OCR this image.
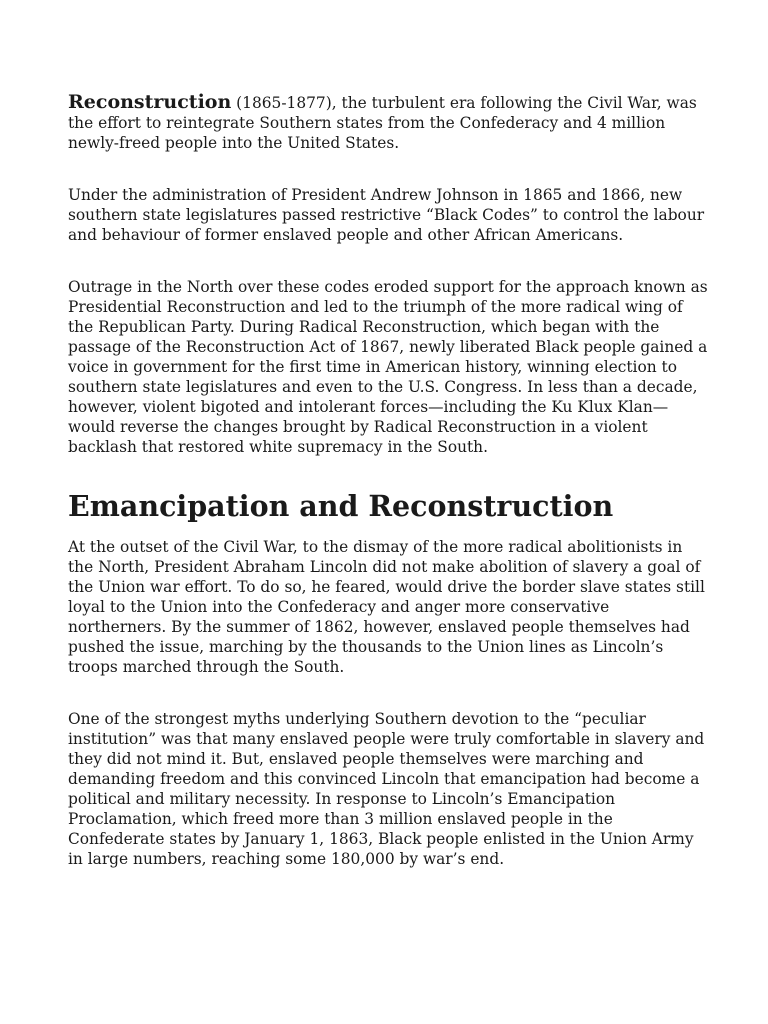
Reconstruction (1865-1877), the turbulent era following the Civil War, was the effort to reintegrate Southern states from the Confederacy and 4 million newly-freed people into the United States.

Under the administration of President Andrew Johnson in 1865 and 1866, new southern state legislatures passed restrictive “Black Codes” to control the labour and behaviour of former enslaved people and other African Americans.

Outrage in the North over these codes eroded support for the approach known as Presidential Reconstruction and led to the triumph of the more radical wing of the Republican Party. During Radical Reconstruction, which began with the passage of the Reconstruction Act of 1867, newly liberated Black people gained a voice in government for the first time in American history, winning election to southern state legislatures and even to the U.S. Congress. In less than a decade, however, violent bigoted and intolerant forces—including the Ku Klux Klan—would reverse the changes brought by Radical Reconstruction in a violent backlash that restored white supremacy in the South.

Emancipation and Reconstruction

At the outset of the Civil War, to the dismay of the more radical abolitionists in the North, President Abraham Lincoln did not make abolition of slavery a goal of the Union war effort. To do so, he feared, would drive the border slave states still loyal to the Union into the Confederacy and anger more conservative northerners. By the summer of 1862, however, enslaved people themselves had pushed the issue, marching by the thousands to the Union lines as Lincoln’s troops marched through the South.

One of the strongest myths underlying Southern devotion to the “peculiar institution” was that many enslaved people were truly comfortable in slavery and they did not mind it. But, enslaved people themselves were marching and demanding freedom and this convinced Lincoln that emancipation had become a political and military necessity. In response to Lincoln’s Emancipation Proclamation, which freed more than 3 million enslaved people in the Confederate states by January 1, 1863, Black people enlisted in the Union Army in large numbers, reaching some 180,000 by war’s end.
